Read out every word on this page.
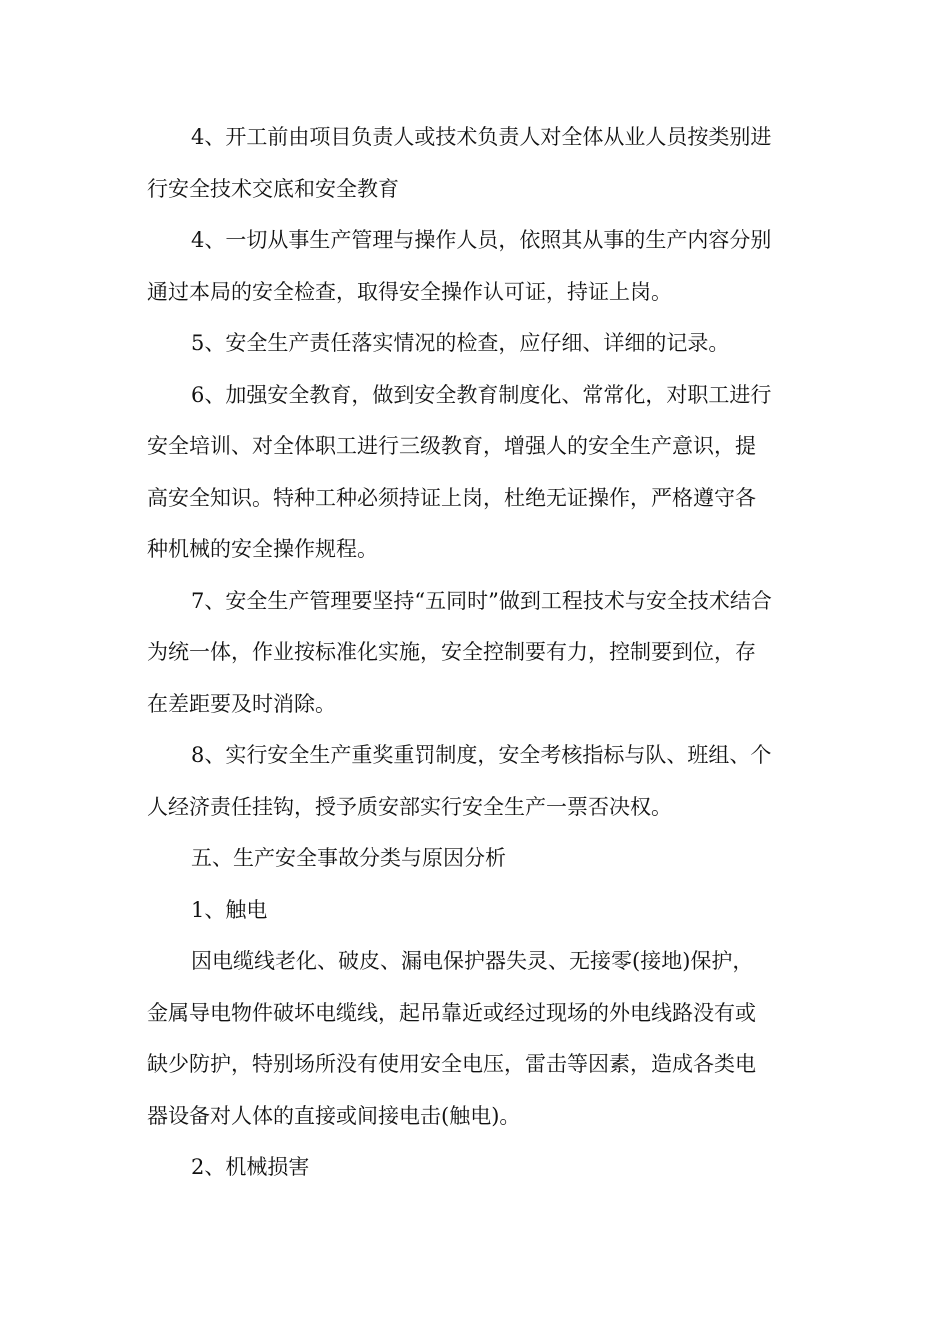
4、开工前由项目负责人或技术负责人对全体从业人员按类别进
行安全技术交底和安全教育
4、一切从事生产管理与操作人员，依照其从事的生产内容分别
通过本局的安全检查，取得安全操作认可证，持证上岗。
5、安全生产责任落实情况的检查，应仔细、详细的记录。
6、加强安全教育，做到安全教育制度化、常常化，对职工进行
安全培训、对全体职工进行三级教育，增强人的安全生产意识，提
高安全知识。特种工种必须持证上岗，杜绝无证操作，严格遵守各
种机械的安全操作规程。
7、安全生产管理要坚持“五同时”做到工程技术与安全技术结合
为统一体，作业按标准化实施，安全控制要有力，控制要到位，存
在差距要及时消除。
8、实行安全生产重奖重罚制度，安全考核指标与队、班组、个
人经济责任挂钩，授予质安部实行安全生产一票否决权。
五、生产安全事故分类与原因分析
1、触电
因电缆线老化、破皮、漏电保护器失灵、无接零(接地)保护，
金属导电物件破坏电缆线，起吊靠近或经过现场的外电线路没有或
缺少防护，特别场所没有使用安全电压，雷击等因素，造成各类电
器设备对人体的直接或间接电击(触电)。
2、机械损害
